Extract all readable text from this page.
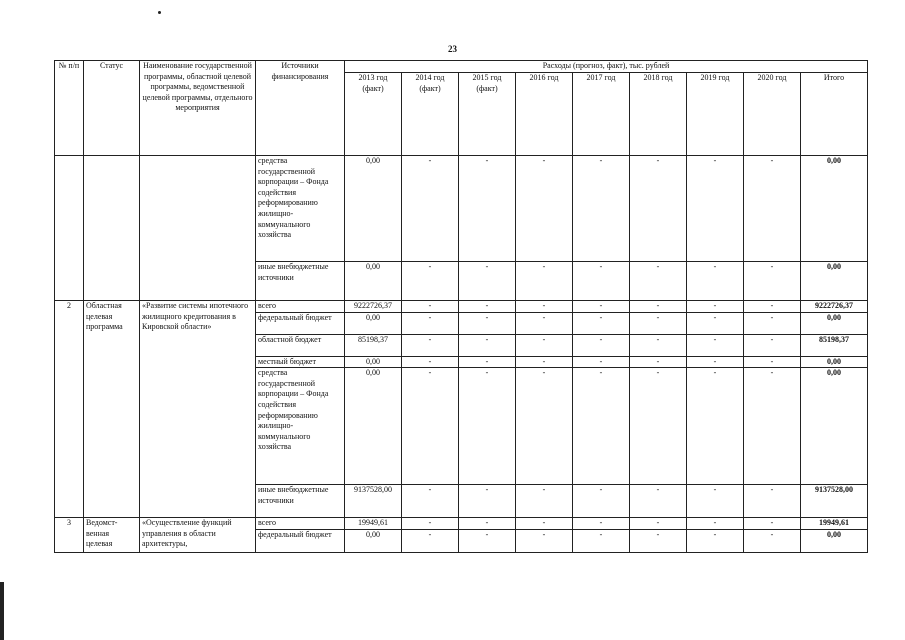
23
№ п/п	Статус	Наименование государственной программы, областной целевой программы, ведомственной целевой программы, отдельного мероприятия	Источники финансирования	Расходы (прогноз, факт), тыс. рублей								
				2013 год (факт)	2014 год (факт)	2015 год (факт)	2016 год	2017 год	2018 год	2019 год	2020 год	Итого
			средства государственной корпорации – Фонда содействия реформированию жилищно-коммунального хозяйства	0,00	-	-	-	-	-	-	-	0,00
			иные внебюджетные источники	0,00	-	-	-	-	-	-	-	0,00
2	Областная целевая программа	«Развитие системы ипотечного жилищного кредитования в Кировской области»	всего	9222726,37	-	-	-	-	-	-	-	9222726,37
			федеральный бюджет	0,00	-	-	-	-	-	-	-	0,00
			областной бюджет	85198,37	-	-	-	-	-	-	-	85198,37
			местный бюджет	0,00	-	-	-	-	-	-	-	0,00
			средства государственной корпорации – Фонда содействия реформированию жилищно-коммунального хозяйства	0,00	-	-	-	-	-	-	-	0,00
			иные внебюджетные источники	9137528,00	-	-	-	-	-	-	-	9137528,00
3	Ведомст-венная целевая	«Осуществление функций управления в области архитектуры,	всего	19949,61	-	-	-	-	-	-	-	19949,61
			федеральный бюджет	0,00	-	-	-	-	-	-	-	0,00
